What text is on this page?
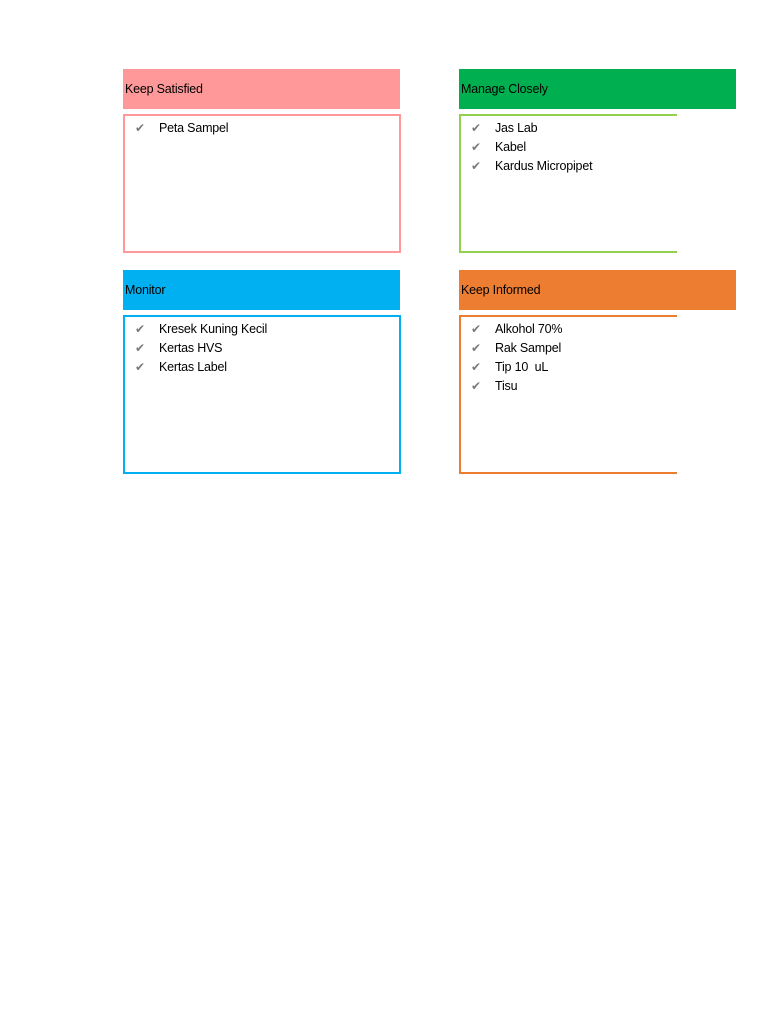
Keep Satisfied
✔	Peta Sampel
Manage Closely
✔	Jas Lab
✔	Kabel
✔	Kardus Micropipet
Monitor
✔	Kresek Kuning Kecil
✔	Kertas HVS
✔	Kertas Label
Keep Informed
✔	Alkohol 70%
✔	Rak Sampel
✔	Tip 10  uL
✔	Tisu
